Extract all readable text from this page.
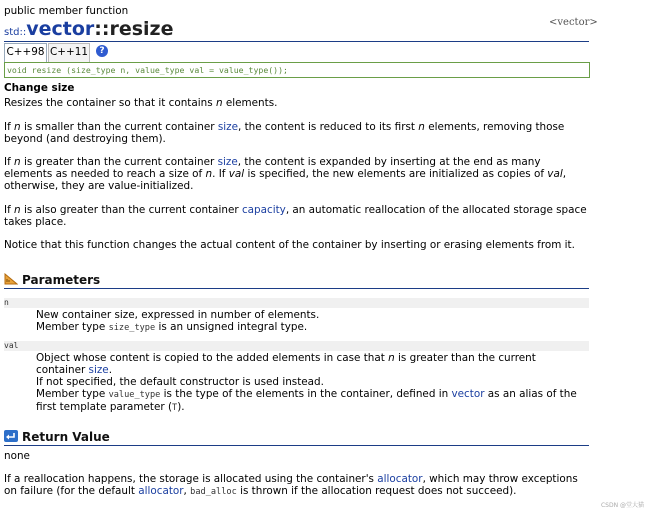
public member function
std::vector::resize	<vector>
C++98 C++11	?
void resize (size_type n, value_type val = value_type());
Change size
Resizes the container so that it contains n elements.
If n is smaller than the current container size, the content is reduced to its first n elements, removing those beyond (and destroying them).
If n is greater than the current container size, the content is expanded by inserting at the end as many elements as needed to reach a size of n. If val is specified, the new elements are initialized as copies of val, otherwise, they are value-initialized.
If n is also greater than the current container capacity, an automatic reallocation of the allocated storage space takes place.
Notice that this function changes the actual content of the container by inserting or erasing elements from it.
Parameters
n
New container size, expressed in number of elements.
Member type size_type is an unsigned integral type.
val
Object whose content is copied to the added elements in case that n is greater than the current container size.
If not specified, the default constructor is used instead.
Member type value_type is the type of the elements in the container, defined in vector as an alias of the first template parameter (T).
Return Value
none
If a reallocation happens, the storage is allocated using the container's allocator, which may throw exceptions on failure (for the default allocator, bad_alloc is thrown if the allocation request does not succeed).
CSDN @堂大猫
